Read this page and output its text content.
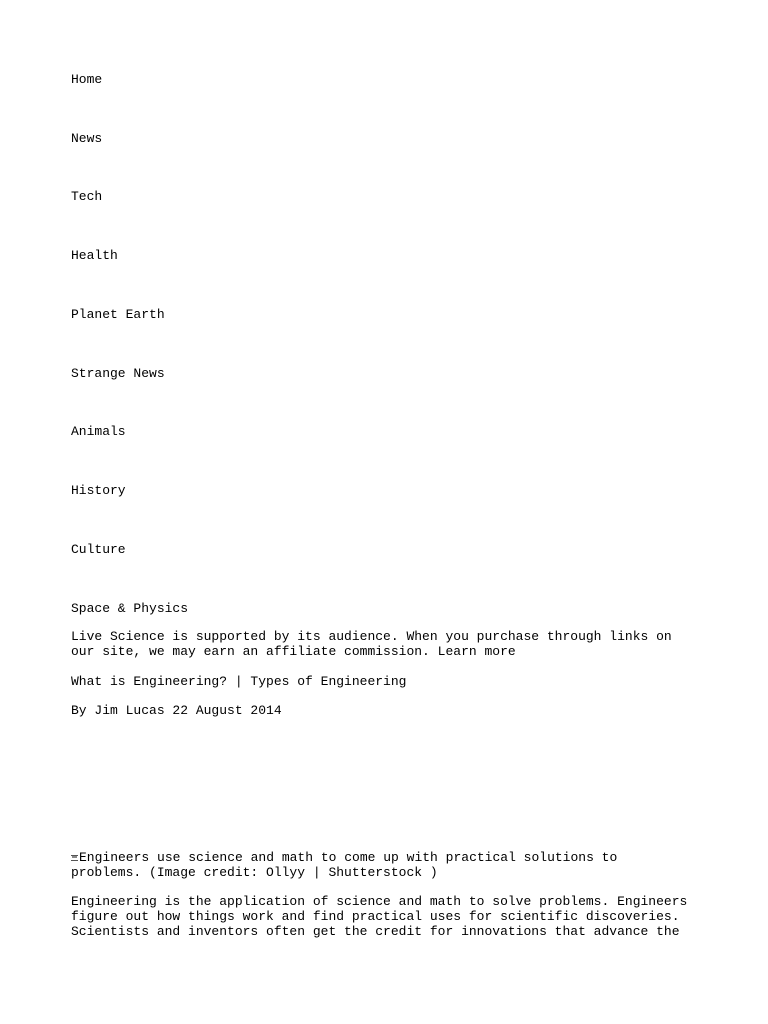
Home
News
Tech
Health
Planet Earth
Strange News
Animals
History
Culture
Space & Physics
Live Science is supported by its audience. When you purchase through links on our site, we may earn an affiliate commission. Learn more
What is Engineering? | Types of Engineering
By Jim Lucas 22 August 2014
Engineers use science and math to come up with practical solutions to problems. (Image credit: Ollyy | Shutterstock )
Engineering is the application of science and math to solve problems. Engineers figure out how things work and find practical uses for scientific discoveries. Scientists and inventors often get the credit for innovations that advance the
